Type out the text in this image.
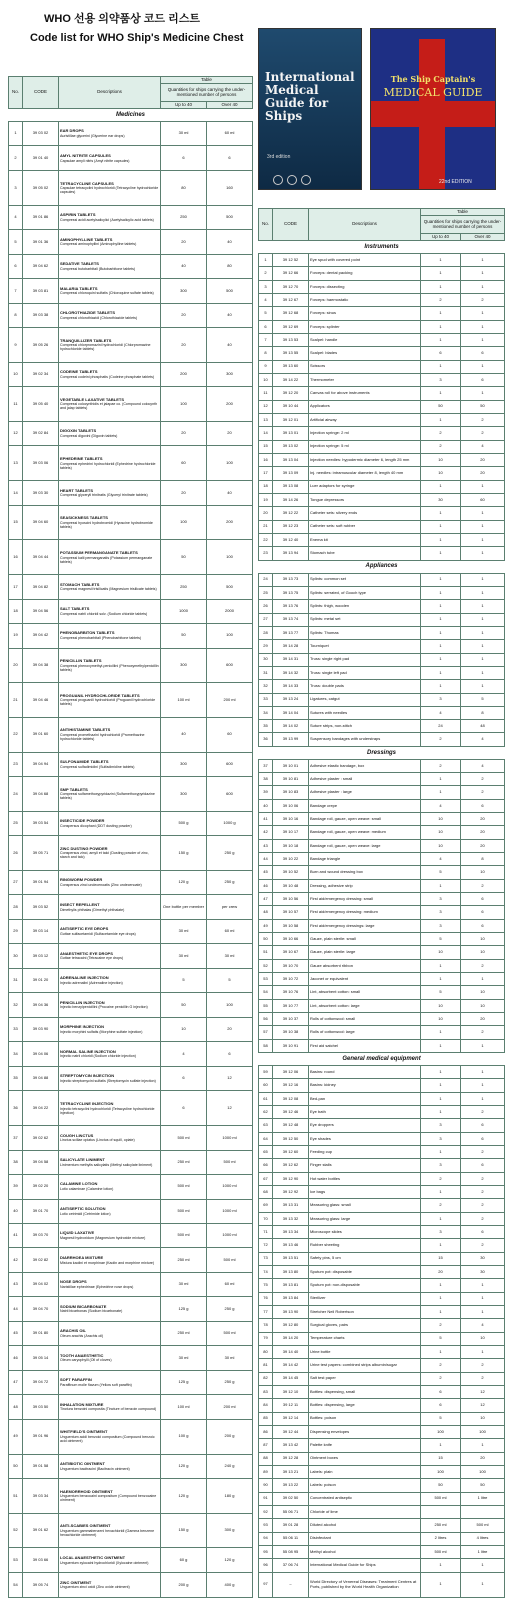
WHO 선용 의약품상 코드 리스트
Code list for WHO Ship's Medicine Chest
International Medical Guide for Ships
3rd edition
The Ship Captain's
MEDICAL GUIDE
22nd EDITION
No.	CODE	Descriptions	Table	
			Quantities for ships carrying the under-mentioned number of persons	
			Up to 40	Over 40
Medicines				
1	39 03 02	EAR DROPS
Auristillae glycerini (Glycerine ear drops)	30 ml	60 ml
2	39 01 40	AMYL NITRITE CAPSULES
Capsulae amyli nitris (Amyl nitrite capsules)	6	6
3	39 05 02	TETRACYCLINE CAPSULES
Capsulae tetracyclini hydrochloridi (Tetracycline hydrochloride capsules)	80	160
4	39 01 86	ASPIRIN TABLETS
Compressi acidi acetylsalicylici (Acetylsalicylic acid tablets)	250	500
5	39 01 36	AMINOPHYLLINE TABLETS
Compressi aminophyllini (Aminophylline tablets)	20	40
6	39 04 62	SEDATIVE TABLETS
Compressi butobarbitali (Butobarbitone tablets)	40	80
7	39 03 81	MALARIA TABLETS
Compressi chloroquini sulfatis (Chloroquine sulfate tablets)	300	500
8	39 03 38	CHLOROTHIAZIDE TABLETS
Compressi chlorothiazidi (Chlorothiazide tablets)	20	40
9	39 05 26	TRANQUILLIZER TABLETS
Compressi chlorpromazini hydrochloridi (Chlorpromazine hydrochloride tablets)	20	40
10	39 02 34	CODEINE TABLETS
Compressi codeini phosphatis (Codeine phosphate tablets)	200	300
11	39 05 40	VEGETABLE LAXATIVE TABLETS
Compressi colocynthidis et jalapae co. (Compound colocynth and jalap tablets)	100	200
12	39 02 84	DIGOXIN TABLETS
Compressi digoxini (Digoxin tablets)	20	20
13	39 03 06	EPHEDRINE TABLETS
Compressi ephedrini hydrochloridi (Ephedrine hydrochloride tablets)	60	100
14	39 03 30	HEART TABLETS
Compressi glyceryli trinitratis (Glyceryl trinitrate tablets)	20	40
15	39 04 60	SEASICKNESS TABLETS
Compressi hyoscini hydrobromidi (Hyoscine hydrobromide tablets)	100	200
16	39 04 44	POTASSIUM PERMANGANATE TABLETS
Compressi kalii permanganatis (Potassium permanganate tablets)	50	100
17	39 04 82	STOMACH TABLETS
Compressi magnesii trisilicatis (Magnesium trisilicate tablets)	250	500
18	39 04 56	SALT TABLETS
Compressi natrii chloridi solv. (Sodium chloride tablets)	1000	2000
19	39 04 42	PHENOBARBITON TABLETS
Compressi phenobarbitali (Phenobarbitone tablets)	50	100
20	39 04 38	PENICILLIN TABLETS
Compressi phenoxymethyl-penicillini (Phenoxymethylpenicillin tablets)	300	600
21	39 04 46	PROGUANIL HYDROCHLORIDE TABLETS
Compressi proguanili hydrochloridi (Proguanil hydrochloride tablets)	100 ml	200 ml
22	39 01 60	ANTIHISTAMINE TABLETS
Compressi promethazini hydrochloridi (Promethazine hydrochloride tablets)	40	60
23	39 04 94	SULFONAMIDE TABLETS
Compressi sulfadimidini (Sulfadimidine tablets)	300	600
24	39 04 68	SMP TABLETS
Compressi sulfamethoxypyridazini (Sulfamethoxypyridazine tablets)	300	600
25	39 03 54	INSECTICIDE POWDER
Conspersus dicophani (DDT dusting powder)	500 g	1000 g
26	39 05 71	ZINC DUSTING POWDER
Conspersus zinci, amyli et talci (Dusting powder of zinc, starch and talc)	150 g	250 g
27	39 01 94	RINGWORM POWDER
Conspersus zinci undecenoatis (Zinc undecenoate)	120 g	250 g
28	39 03 52	INSECT REPELLENT
Dimethylis phthalas (Dimethyl phthalate)	One bottle per member	per crew
29	39 03 14	ANTISEPTIC EYE DROPS
Guttae sulfacetamidi (Sulfacetamide eye drops)	30 ml	60 ml
30	39 03 12	ANAESTHETIC EYE DROPS
Guttae tetracaini (Tetracaine eye drops)	30 ml	30 ml
31	39 01 20	ADRENALINE INJECTION
Injectio adrenalini (Adrenaline injection)	5	5
32	39 04 36	PENICILLIN INJECTION
Injectio benzylpenicillini (Procaine penicillin G injection)	50	100
33	39 03 90	MORPHINE INJECTION
Injectio morphini sulfatis (Morphine sulfate injection)	10	20
34	39 04 06	NORMAL SALINE INJECTION
Injectio natrii chloridi (Sodium chloride injection)	4	6
35	39 04 88	STREPTOMYCIN INJECTION
Injectio streptomycini sulfatis (Streptomycin sulfate injection)	6	12
36	39 04 22	TETRACYCLINE INJECTION
Injectio tetracyclini hydrochloridi (Tetracycline hydrochloride injection)	6	12
37	39 02 62	COUGH LINCTUS
Linctus scillae opiatus (Linctus of squill, opiate)	500 ml	1000 ml
38	39 04 58	SALICYLATE LINIMENT
Linimentum methylis salicylatis (Methyl salicylate liniment)	250 ml	500 ml
39	39 02 20	CALAMINE LOTION
Lotio calaminae (Calamine lotion)	500 ml	1000 ml
40	39 01 70	ANTISEPTIC SOLUTION
Lotio cetrimidi (Cetrimide lotion)	500 ml	1000 ml
41	39 03 70	LIQUID LAXATIVE
Magnesii hydroxidum (Magnesium hydroxide mixture)	500 ml	1000 ml
42	39 02 82	DIARRHOEA MIXTURE
Mistura kaolini et morphinae (Kaolin and morphine mixture)	250 ml	500 ml
43	39 04 02	NOSE DROPS
Naristillae ephedrinae (Ephedrine nose drops)	30 ml	60 ml
44	39 04 70	SODIUM BICARBONATE
Natrii bicarbonas (Sodium bicarbonate)	125 g	250 g
45	39 01 80	ARACHIS OIL
Oleum arachis (Arachis oil)	250 ml	500 ml
46	39 05 14	TOOTH ANAESTHETIC
Oleum caryophylli (Oil of cloves)	30 ml	30 ml
47	39 04 72	SOFT PARAFFIN
Paraffinum molle flavum (Yellow soft paraffin)	125 g	250 g
48	39 03 50	INHALATION MIXTURE
Tinctura benzoini composita (Tincture of benzoin compound)	100 ml	200 ml
49	39 01 96	WHITFIELD'S OINTMENT
Unguentum acidi benzoici compositum (Compound benzoic acid ointment)	100 g	200 g
50	39 01 58	ANTIBIOTIC OINTMENT
Unguentum bacitracini (Bacitracin ointment)	120 g	240 g
51	39 03 34	HAEMORRHOID OINTMENT
Unguentum benzocaini compositum (Compound benzocaine ointment)	120 g	180 g
52	39 01 62	ANTI-SCABIES OINTMENT
Unguentum gammabenzeni hexachloridi (Gamma benzene hexachloride ointment)	150 g	300 g
53	39 03 66	LOCAL ANAESTHETIC OINTMENT
Unguentum xylocaini hydrochloridi (Xylocaine ointment)	60 g	120 g
54	39 05 74	ZINC OINTMENT
Unguentum zinci oxidi (Zinc oxide ointment)	200 g	400 g
No.	CODE	Descriptions	Table	
			Quantities for ships carrying the under-mentioned number of persons	
			Up to 40	Over 40
Instruments				
1	39 12 52	Eye spud with covered point	1	1
2	39 12 66	Forceps: dental packing	1	1
3	39 12 70	Forceps: dissecting	1	1
4	39 12 67	Forceps: haemostatic	2	2
5	39 12 68	Forceps: sinus	1	1
6	39 12 69	Forceps: splinter	1	1
7	39 13 53	Scalpel: handle	1	1
8	39 13 55	Scalpel: blades	6	6
9	39 13 60	Scissors	1	1
10	39 14 22	Thermometer	3	6
11	39 12 20	Canvas roll for above instruments	1	1
12	39 10 44	Applicators	50	50
13	39 12 01	Artificial airway	1	2
14	39 13 01	Injection syringe: 2 ml	2	2
15	39 13 02	Injection syringe: 5 ml	2	4
16	39 13 04	Injection needles: hypodermic diameter 6, length 25 mm	10	20
17	39 13 09	Inj. needles: intramuscular diameter 8, length 40 mm	10	20
18	39 13 08	Luer adaptors for syringe	1	1
19	39 14 26	Tongue depressors	30	60
20	39 12 22	Catheter sets: silvery ends	1	1
21	39 12 23	Catheter sets: soft rubber	1	1
22	39 12 40	Enema kit	1	1
23	39 13 94	Stomach tube	1	1
Appliances				
24	39 13 73	Splints: common set	1	1
25	39 13 75	Splints: serrated, of Gooch type	1	1
26	39 13 76	Splints: thigh, wooden	1	1
27	39 13 74	Splints: metal set	1	1
28	39 13 77	Splints: Thomas	1	1
29	39 14 28	Tourniquet	1	1
30	39 14 31	Truss: single right pad	1	1
31	39 14 32	Truss: single left pad	1	1
32	39 14 33	Truss: double pads	1	1
33	39 13 24	Ligatures, catgut	3	5
34	39 14 04	Sutures with needles	4	8
35	39 14 02	Suture strips, non-stitch	24	48
36	39 13 99	Suspensory bandages with understraps	2	4
Dressings				
37	39 10 01	Adhesive elastic bandage, box	2	4
38	39 10 81	Adhesive plaster : small	1	2
39	39 10 83	Adhesive plaster : large	1	2
40	39 10 06	Bandage crepe	4	6
41	39 10 16	Bandage roll, gauze, open weave: small	10	20
42	39 10 17	Bandage roll, gauze, open weave: medium	10	20
43	39 10 18	Bandage roll, gauze, open weave: large	10	20
44	39 10 22	Bandage triangle	4	8
45	39 10 52	Burn and wound dressing box	5	10
46	39 10 48	Dressing, adhesive strip	1	2
47	39 10 56	First aid/emergency dressing: small	3	6
48	39 10 57	First aid/emergency dressing: medium	3	6
49	39 10 58	First aid/emergency dressings: large	3	6
50	39 10 66	Gauze, plain sterile: small	5	10
51	39 10 67	Gauze, plain sterile: large	10	10
52	39 10 70	Gauze absorbent ribbon	1	2
53	39 10 72	Jaconet or equivalent	1	1
54	39 10 76	Lint, absorbent cotton: small	5	10
55	39 10 77	Lint, absorbent cotton: large	10	10
56	39 10 37	Rolls of cottonwool: small	10	20
57	39 10 38	Rolls of cottonwool: large	1	2
58	39 10 91	First aid satchel	1	1
General medical equipment				
59	39 12 06	Basins: round	1	1
60	39 12 16	Basins: kidney	1	1
61	39 12 08	Bed-pan	1	1
62	39 12 46	Eye bath	1	2
63	39 12 48	Eye droppers	3	6
64	39 12 50	Eye shades	3	6
65	39 12 60	Feeding cup	1	2
66	39 12 62	Finger stalls	3	6
67	39 12 90	Hot water bottles	2	2
68	39 12 92	Ice bags	1	2
69	39 13 31	Measuring glass: small	2	2
70	39 13 32	Measuring glass: large	1	2
71	39 13 34	Microscope slides	3	6
72	39 13 46	Rubber sheeting	1	2
73	39 13 51	Safety pins, 5 cm	15	30
74	39 13 80	Sputum pot: disposable	20	30
75	39 13 81	Sputum pot: non-disposable	1	1
76	39 13 84	Sterilizer	1	1
77	39 13 90	Stretcher Neil Robertson	1	1
78	39 12 80	Surgical gloves, pairs	2	4
79	39 14 20	Temperature charts	5	10
80	39 14 40	Urine bottle	1	1
81	39 14 42	Urine test papers: combined strips albumin/sugar	2	2
82	39 14 45	Salt test paper	2	2
83	39 12 10	Bottles: dispensing, small	6	12
84	39 12 11	Bottles: dispensing, large	6	12
85	39 12 14	Bottles: poison	5	10
86	39 12 44	Dispensing envelopes	100	100
87	39 13 42	Palette knife	1	1
88	39 12 28	Ointment boxes	15	20
89	39 13 21	Labels: plain	100	100
90	39 13 22	Labels: poison	50	50
91	39 02 50	Concentrated antiseptic	500 ml	1 litre
92	55 06 71	Chloride of lime		
93	39 01 28	Diluted alcohol	250 ml	500 ml
94	55 06 11	Disinfectant	2 litres	4 litres
95	55 08 95	Methyl alcohol	500 ml	1 litre
96	37 06 74	International Medical Guide for Ships	1	1
97	–	World Directory of Venereal Diseases: Treatment Centres at Ports, published by the World Health Organization	1	1
